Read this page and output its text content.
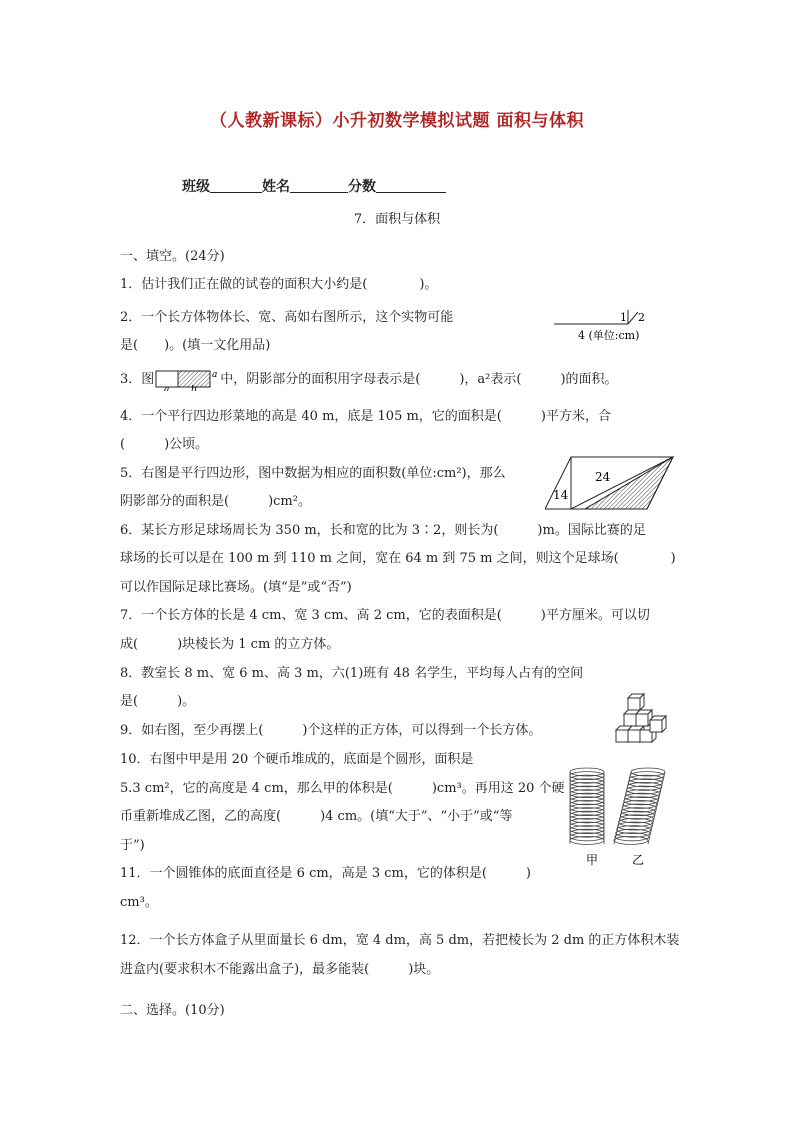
（人教新课标）小升初数学模拟试题 面积与体积
班级	姓名	分数
7．面积与体积
一、填空。(24分)
1．估计我们正在做的试卷的面积大小约是(　　　　)。
2．一个长方体物体长、宽、高如右图所示，这个实物可能
是(　　)。(填一文化用品)
1 2
4 (单位:cm)
3．图
a b
a 中，阴影部分的面积用字母表示是(　　　)，a²表示(　　　)的面积。
4．一个平行四边形菜地的高是 40 m，底是 105 m，它的面积是(　　　)平方米，合
(　　　)公顷。
5．右图是平行四边形，图中数据为相应的面积数(单位:cm²)，那么
阴影部分的面积是(　　　)cm²。
24
14
6．某长方形足球场周长为 350 m，长和宽的比为 3∶2，则长为(　　　)m。国际比赛的足
球场的长可以是在 100 m 到 110 m 之间，宽在 64 m 到 75 m 之间，则这个足球场(　　　　)
可以作国际足球比赛场。(填“是”或“否”)
7．一个长方体的长是 4 cm、宽 3 cm、高 2 cm，它的表面积是(　　　)平方厘米。可以切
成(　　　)块棱长为 1 cm 的立方体。
8．教室长 8 m、宽 6 m、高 3 m，六(1)班有 48 名学生，平均每人占有的空间
是(　　　)。
9．如右图，至少再摆上(　　　)个这样的正方体，可以得到一个长方体。
10．右图中甲是用 20 个硬币堆成的，底面是个圆形，面积是
5.3 cm²，它的高度是 4 cm，那么甲的体积是(　　　)cm³。再用这 20 个硬
币重新堆成乙图，乙的高度(　　　)4 cm。(填“大于”、“小于”或“等
于”)
甲	乙
11．一个圆锥体的底面直径是 6 cm，高是 3 cm，它的体积是(　　　)
cm³。
12．一个长方体盒子从里面量长 6 dm，宽 4 dm，高 5 dm，若把棱长为 2 dm 的正方体积木装
进盒内(要求积木不能露出盒子)，最多能装(　　　)块。
二、选择。(10分)
